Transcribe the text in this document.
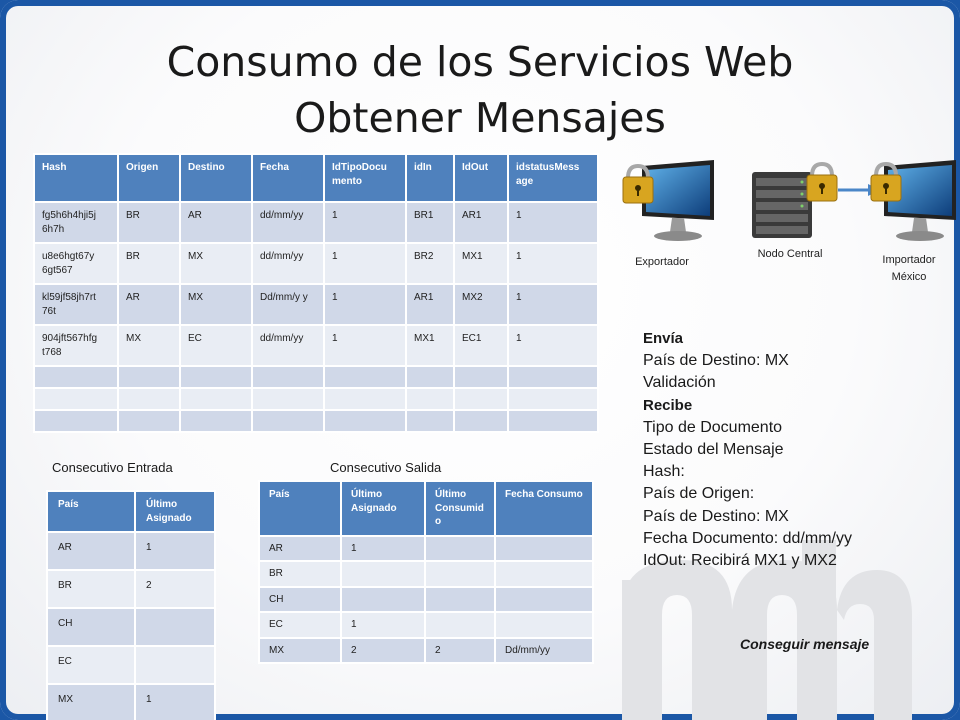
Consumo de los Servicios Web
Obtener Mensajes
Hash	Origen	Destino	Fecha	IdTipoDocu mento	idIn	IdOut	idstatusMess age
fg5h6h4hji5j 6h7h	BR	AR	dd/mm/yy	1	BR1	AR1	1
u8e6hgt67y 6gt567	BR	MX	dd/mm/yy	1	BR2	MX1	1
kl59jf58jh7rt 76t	AR	MX	Dd/mm/y y	1	AR1	MX2	1
904jft567hfg t768	MX	EC	dd/mm/yy	1	MX1	EC1	1

Consecutivo Entrada
País	Último Asignado
AR	1
BR	2
CH	
EC	
MX	1
Consecutivo Salida
País	Último Asignado	Último Consumid o	Fecha Consumo
AR	1		
BR			
CH			
EC	1		
MX	2	2	Dd/mm/yy
Exportador
Nodo Central	Importador México
Envía
País de Destino: MX
Validación
Recibe
Tipo de Documento
Estado del Mensaje
Hash:
País de Origen:
País de Destino: MX
Fecha Documento: dd/mm/yy
IdOut: Recibirá MX1 y MX2
Conseguir mensaje
